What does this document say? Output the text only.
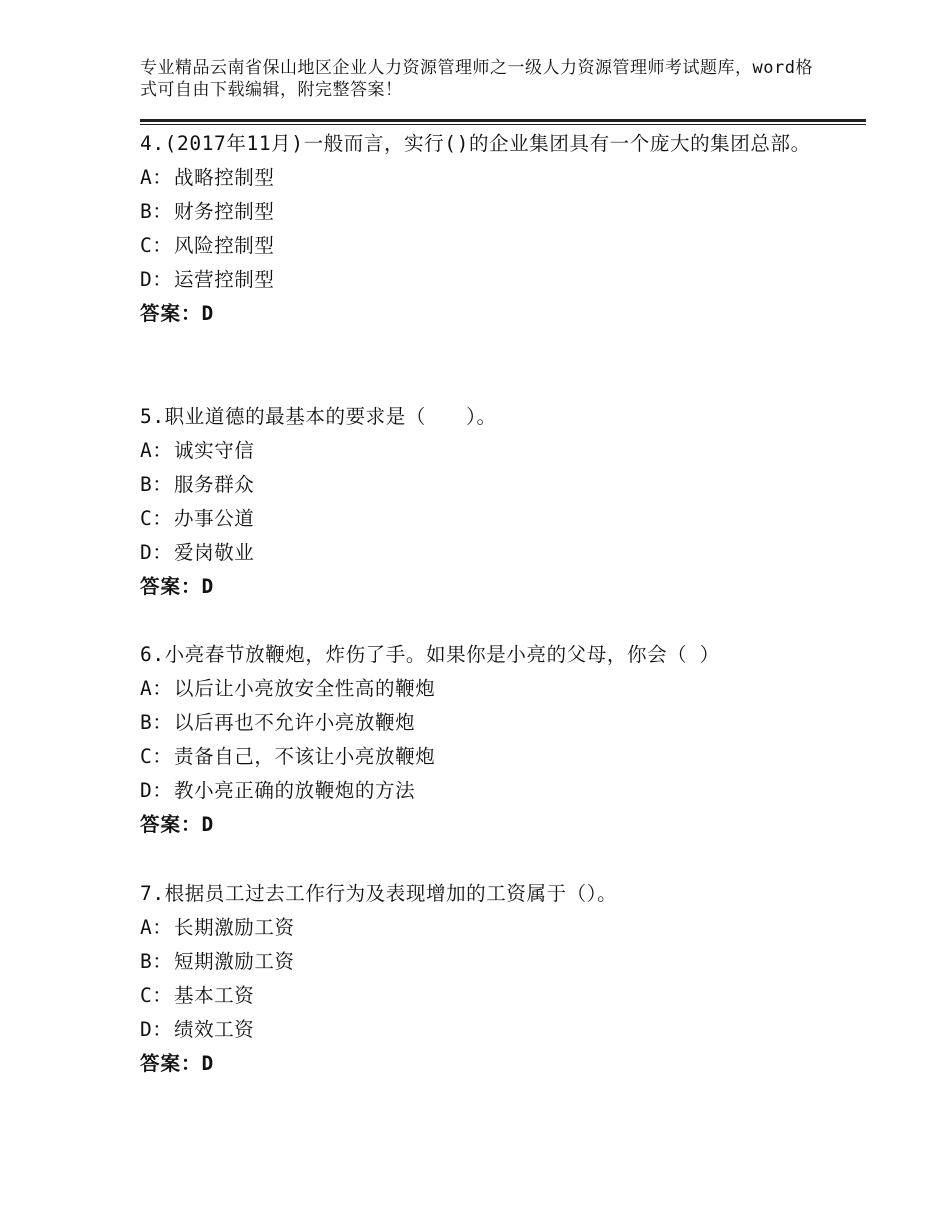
专业精品云南省保山地区企业人力资源管理师之一级人力资源管理师考试题库，word格式可自由下载编辑，附完整答案！
4.(2017年11月)一般而言，实行()的企业集团具有一个庞大的集团总部。
A：战略控制型
B：财务控制型
C：风险控制型
D：运营控制型
答案：D
5.职业道德的最基本的要求是（　　）。
A：诚实守信
B：服务群众
C：办事公道
D：爱岗敬业
答案：D
6.小亮春节放鞭炮，炸伤了手。如果你是小亮的父母，你会（ ）
A：以后让小亮放安全性高的鞭炮
B：以后再也不允许小亮放鞭炮
C：责备自己，不该让小亮放鞭炮
D：教小亮正确的放鞭炮的方法
答案：D
7.根据员工过去工作行为及表现增加的工资属于（）。
A：长期激励工资
B：短期激励工资
C：基本工资
D：绩效工资
答案：D
